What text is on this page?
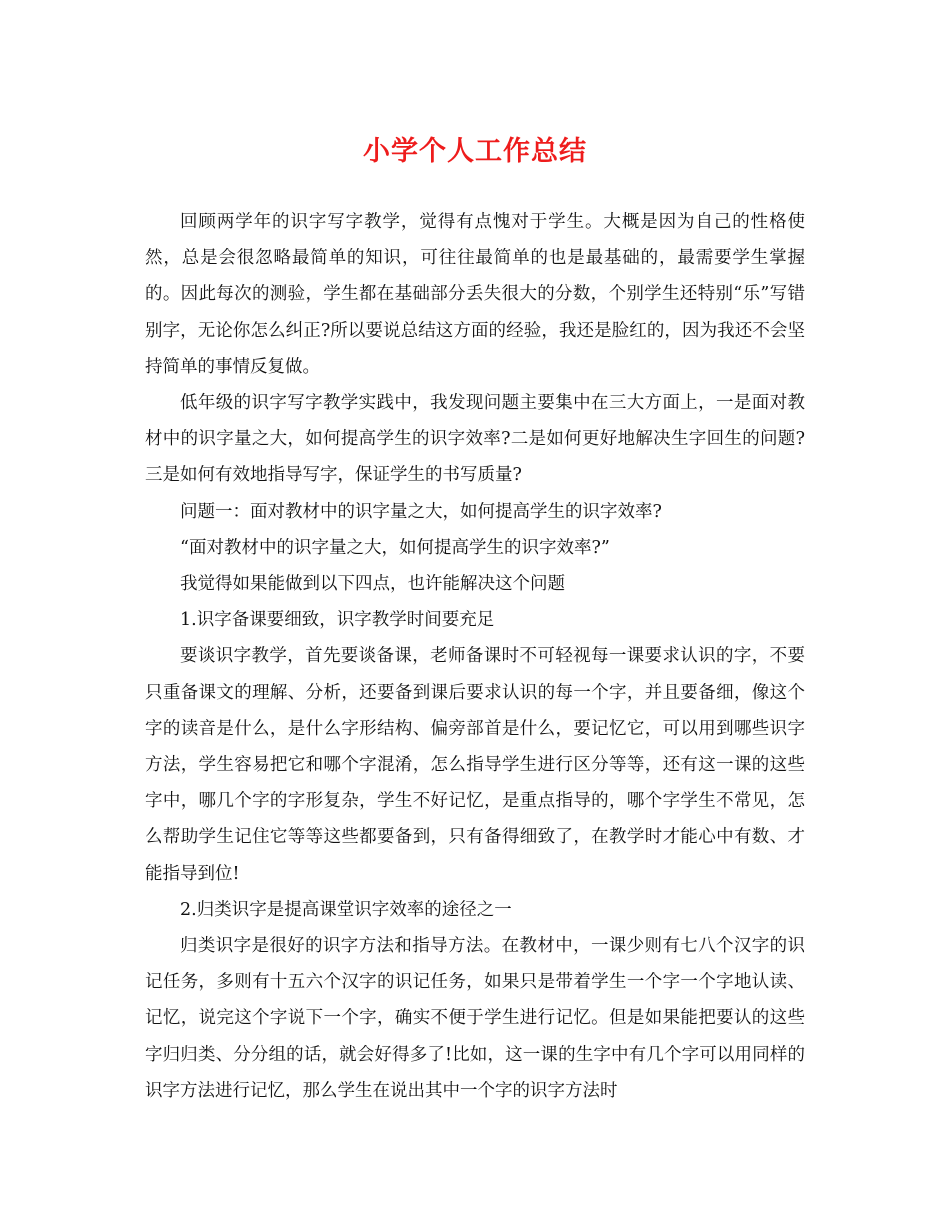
小学个人工作总结

回顾两学年的识字写字教学，觉得有点愧对于学生。大概是因为自己的性格使然，总是会很忽略最简单的知识，可往往最简单的也是最基础的，最需要学生掌握的。因此每次的测验，学生都在基础部分丢失很大的分数，个别学生还特别“乐”写错别字，无论你怎么纠正?所以要说总结这方面的经验，我还是脸红的，因为我还不会坚持简单的事情反复做。

低年级的识字写字教学实践中，我发现问题主要集中在三大方面上，一是面对教材中的识字量之大，如何提高学生的识字效率?二是如何更好地解决生字回生的问题?三是如何有效地指导写字，保证学生的书写质量?

问题一：面对教材中的识字量之大，如何提高学生的识字效率?

“面对教材中的识字量之大，如何提高学生的识字效率?”

我觉得如果能做到以下四点，也许能解决这个问题

1.识字备课要细致，识字教学时间要充足

要谈识字教学，首先要谈备课，老师备课时不可轻视每一课要求认识的字，不要只重备课文的理解、分析，还要备到课后要求认识的每一个字，并且要备细，像这个字的读音是什么，是什么字形结构、偏旁部首是什么，要记忆它，可以用到哪些识字方法，学生容易把它和哪个字混淆，怎么指导学生进行区分等等，还有这一课的这些字中，哪几个字的字形复杂，学生不好记忆，是重点指导的，哪个字学生不常见，怎么帮助学生记住它等等这些都要备到，只有备得细致了，在教学时才能心中有数、才能指导到位!

2.归类识字是提高课堂识字效率的途径之一

归类识字是很好的识字方法和指导方法。在教材中，一课少则有七八个汉字的识记任务，多则有十五六个汉字的识记任务，如果只是带着学生一个字一个字地认读、记忆，说完这个字说下一个字，确实不便于学生进行记忆。但是如果能把要认的这些字归归类、分分组的话，就会好得多了!比如，这一课的生字中有几个字可以用同样的识字方法进行记忆，那么学生在说出其中一个字的识字方法时
